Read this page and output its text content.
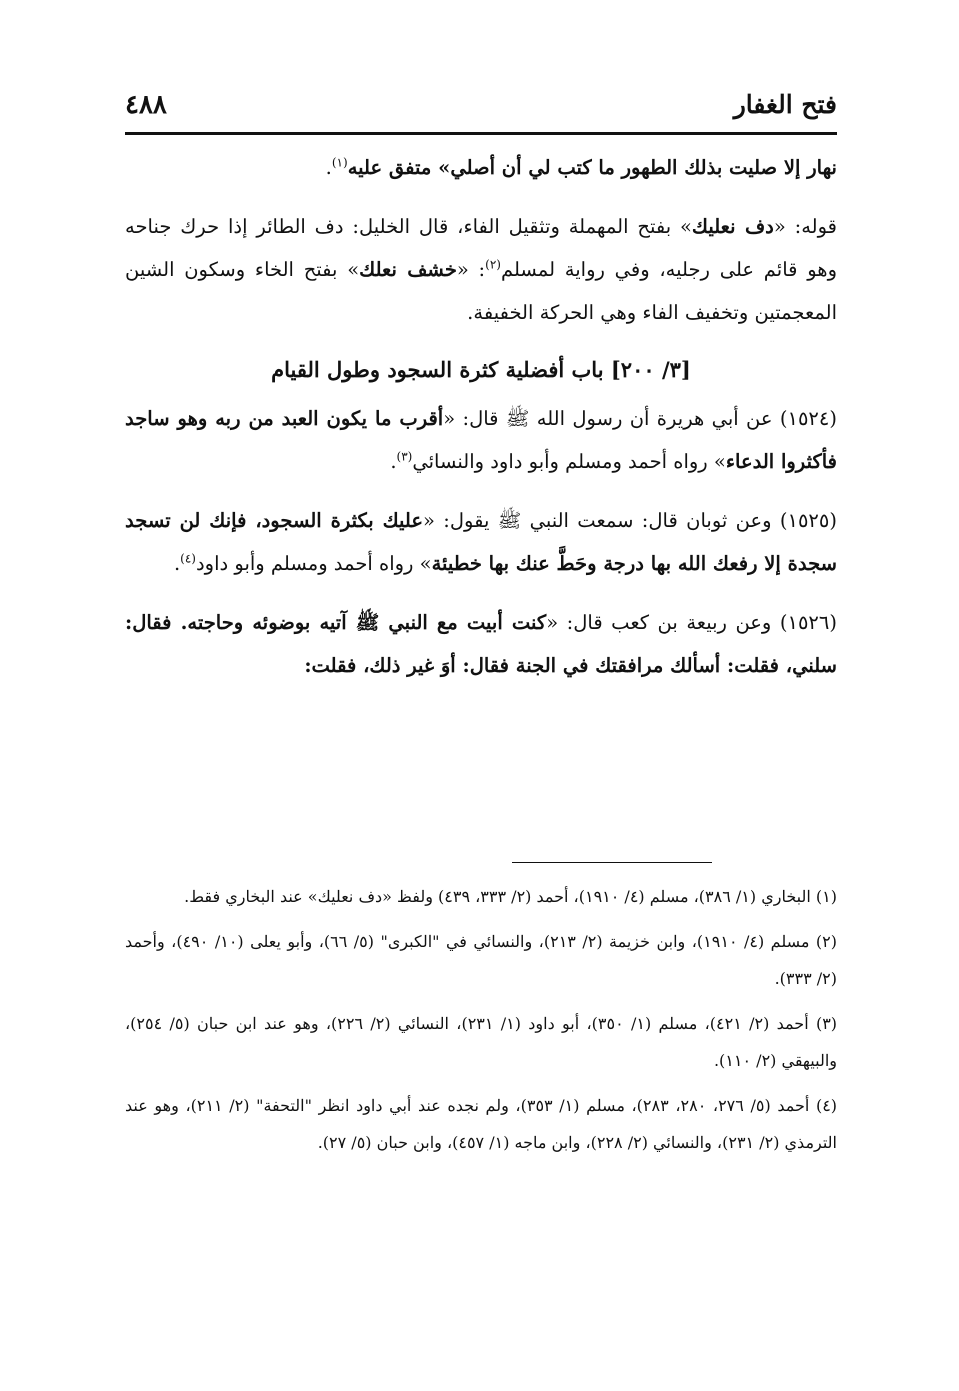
فتح الغفار
٤٨٨

نهار إلا صليت بذلك الطهور ما كتب لي أن أصلي» متفق عليه$^{(١)}$.

قوله: «دف نعليك» بفتح المهملة وتثقيل الفاء، قال الخليل: دف الطائر إذا حرك جناحه وهو قائم على رجليه، وفي رواية لمسلم$^{(٢)}$: «خشف نعلك» بفتح الخاء وسكون الشين المعجمتين وتخفيف الفاء وهي الحركة الخفيفة.

[٣/ ٢٠٠] باب أفضلية كثرة السجود وطول القيام

(١٥٢٤) عن أبي هريرة أن رسول الله ﷺ قال: «أقرب ما يكون العبد من ربه وهو ساجد فأكثروا الدعاء» رواه أحمد ومسلم وأبو داود والنسائي$^{(٣)}$.

(١٥٢٥) وعن ثوبان قال: سمعت النبي ﷺ يقول: «عليك بكثرة السجود، فإنك لن تسجد سجدة إلا رفعك الله بها درجة وحَطَّ عنك بها خطيئة» رواه أحمد ومسلم وأبو داود$^{(٤)}$.

(١٥٢٦) وعن ربيعة بن كعب قال: «كنت أبيت مع النبي ﷺ آتيه بوضوئه وحاجته. فقال: سلني، فقلت: أسألك مرافقتك في الجنة فقال: أوَ غير ذلك، فقلت:

(١) البخاري (١/ ٣٨٦)، مسلم (٤/ ١٩١٠)، أحمد (٢/ ٣٣٣، ٤٣٩) ولفظ «دف نعليك» عند البخاري فقط.

(٢) مسلم (٤/ ١٩١٠)، وابن خزيمة (٢/ ٢١٣)، والنسائي في "الكبرى" (٥/ ٦٦)، وأبو يعلى (١٠/ ٤٩٠)، وأحمد (٢/ ٣٣٣).

(٣) أحمد (٢/ ٤٢١)، مسلم (١/ ٣٥٠)، أبو داود (١/ ٢٣١)، النسائي (٢/ ٢٢٦)، وهو عند ابن حبان (٥/ ٢٥٤)، والبيهقي (٢/ ١١٠).

(٤) أحمد (٥/ ٢٧٦، ٢٨٠، ٢٨٣)، مسلم (١/ ٣٥٣)، ولم نجده عند أبي داود انظر "التحفة" (٢/ ٢١١)، وهو عند الترمذي (٢/ ٢٣١)، والنسائي (٢/ ٢٢٨)، وابن ماجه (١/ ٤٥٧)، وابن حبان (٥/ ٢٧).
